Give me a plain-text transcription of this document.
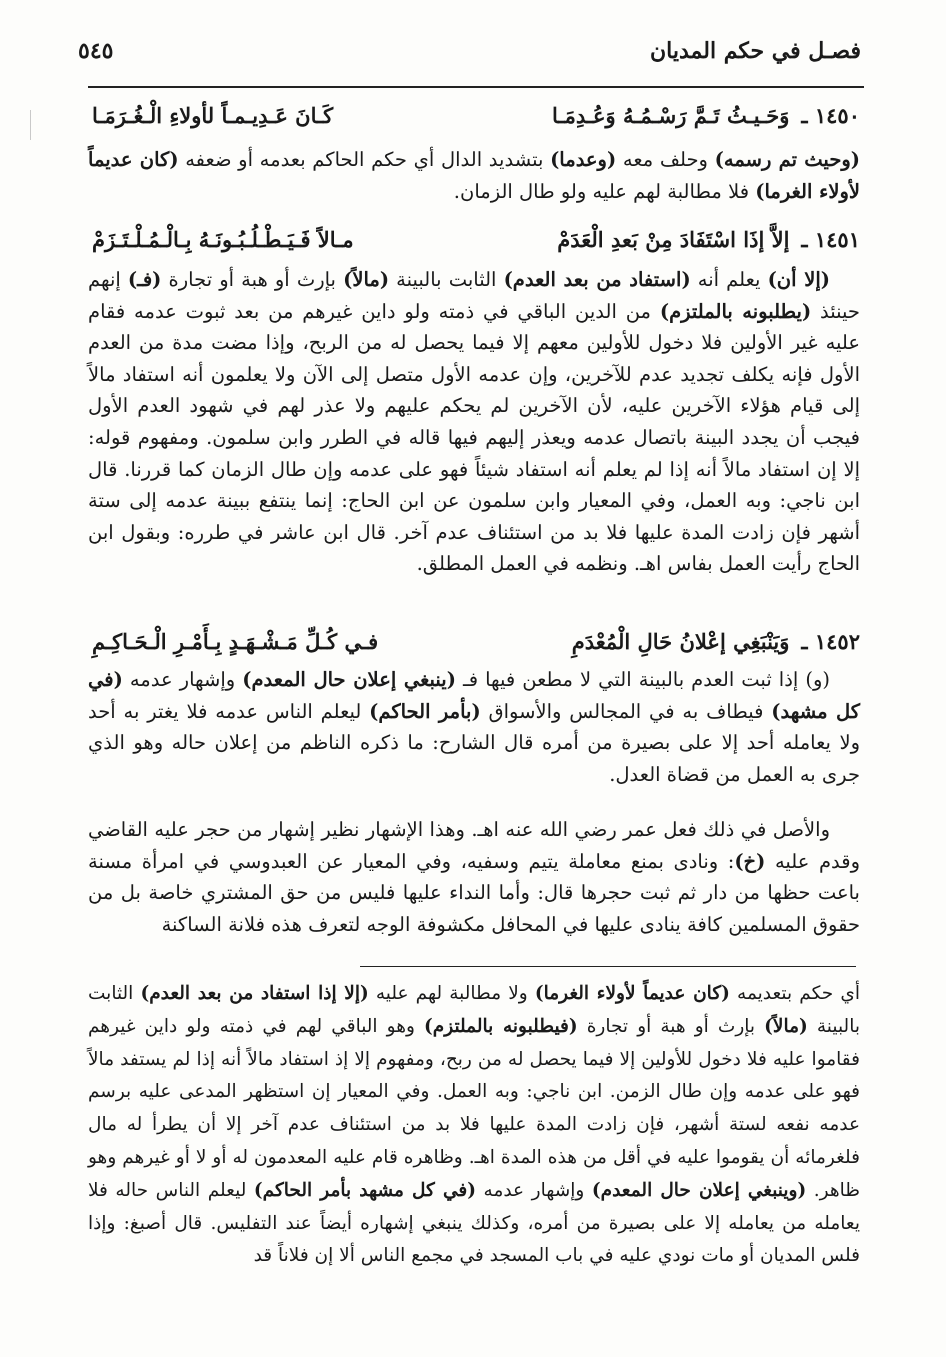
فصـل في حكم المديان
٥٤٥
١٤٥٠ ـ
وَحَـيـثُ تَـمَّ رَسْـمُـهُ وَعُـدِمَـا
كَـانَ عَـدِيـمـاً لأولاءِ الْـغُـرَمَـا
(وحيث تم رسمه) وحلف معه (وعدما) بتشديد الدال أي حكم الحاكم بعدمه أو ضعفه (كان عديماً لأولاء الغرما) فلا مطالبة لهم عليه ولو طال الزمان.
١٤٥١ ـ
إلاَّ إذَا اسْتَفَادَ مِنْ بَعدِ الْعَدَمْ
مـالاً فَـيَـطْـلُـبُـونَـهُ بِـالْـمُـلْـتَـزَمْ
(إلا أن) يعلم أنه (استفاد من بعد العدم) الثابت بالبينة (مالاً) بإرث أو هبة أو تجارة (فـ) إنهم حينئذ (يطلبونه بالملتزم) من الدين الباقي في ذمته ولو داين غيرهم من بعد ثبوت عدمه فقام عليه غير الأولين فلا دخول للأولين معهم إلا فيما يحصل له من الربح، وإذا مضت مدة من العدم الأول فإنه يكلف تجديد عدم للآخرين، وإن عدمه الأول متصل إلى الآن ولا يعلمون أنه استفاد مالاً إلى قيام هؤلاء الآخرين عليه، لأن الآخرين لم يحكم عليهم ولا عذر لهم في شهود العدم الأول فيجب أن يجدد البينة باتصال عدمه ويعذر إليهم فيها قاله في الطرر وابن سلمون. ومفهوم قوله: إلا إن استفاد مالاً أنه إذا لم يعلم أنه استفاد شيئاً فهو على عدمه وإن طال الزمان كما قررنا. قال ابن ناجي: وبه العمل، وفي المعيار وابن سلمون عن ابن الحاج: إنما ينتفع ببينة عدمه إلى ستة أشهر فإن زادت المدة عليها فلا بد من استئناف عدم آخر. قال ابن عاشر في طرره: وبقول ابن الحاج رأيت العمل بفاس اهـ. ونظمه في العمل المطلق.
١٤٥٢ ـ
وَيَنْبَغِي إعْلانُ حَالِ الْمُعْدَمِ
فـي كُـلِّ مَـشْـهَـدٍ بِـأَمْـرِ الْـحَـاكِـمِ
(و) إذا ثبت العدم بالبينة التي لا مطعن فيها فـ (ينبغي إعلان حال المعدم) وإشهار عدمه (في كل مشهد) فيطاف به في المجالس والأسواق (بأمر الحاكم) ليعلم الناس عدمه فلا يغتر به أحد ولا يعامله أحد إلا على بصيرة من أمره قال الشارح: ما ذكره الناظم من إعلان حاله وهو الذي جرى به العمل من قضاة العدل.
والأصل في ذلك فعل عمر رضي الله عنه اهـ. وهذا الإشهار نظير إشهار من حجر عليه القاضي وقدم عليه (خ): ونادى بمنع معاملة يتيم وسفيه، وفي المعيار عن العبدوسي في امرأة مسنة باعت حظها من دار ثم ثبت حجرها قال: وأما النداء عليها فليس من حق المشتري خاصة بل من حقوق المسلمين كافة ينادى عليها في المحافل مكشوفة الوجه لتعرف هذه فلانة الساكنة
أي حكم بتعديمه (كان عديماً لأولاء الغرما) ولا مطالبة لهم عليه (إلا إذا استفاد من بعد العدم) الثابت بالبينة (مالاً) بإرث أو هبة أو تجارة (فيطلبونه بالملتزم) وهو الباقي لهم في ذمته ولو داين غيرهم فقاموا عليه فلا دخول للأولين إلا فيما يحصل له من ربح، ومفهوم إلا إذ استفاد مالاً أنه إذا لم يستفد مالاً فهو على عدمه وإن طال الزمن. ابن ناجي: وبه العمل. وفي المعيار إن استظهر المدعى عليه برسم عدمه نفعه لستة أشهر، فإن زادت المدة عليها فلا بد من استئناف عدم آخر إلا أن يطرأ له مال فلغرمائه أن يقوموا عليه في أقل من هذه المدة اهـ. وظاهره قام عليه المعدمون له أو لا أو غيرهم وهو ظاهر. (وينبغي إعلان حال المعدم) وإشهار عدمه (في كل مشهد بأمر الحاكم) ليعلم الناس حاله فلا يعامله من يعامله إلا على بصيرة من أمره، وكذلك ينبغي إشهاره أيضاً عند التفليس. قال أصبغ: وإذا فلس المديان أو مات نودي عليه في باب المسجد في مجمع الناس ألا إن فلاناً قد
